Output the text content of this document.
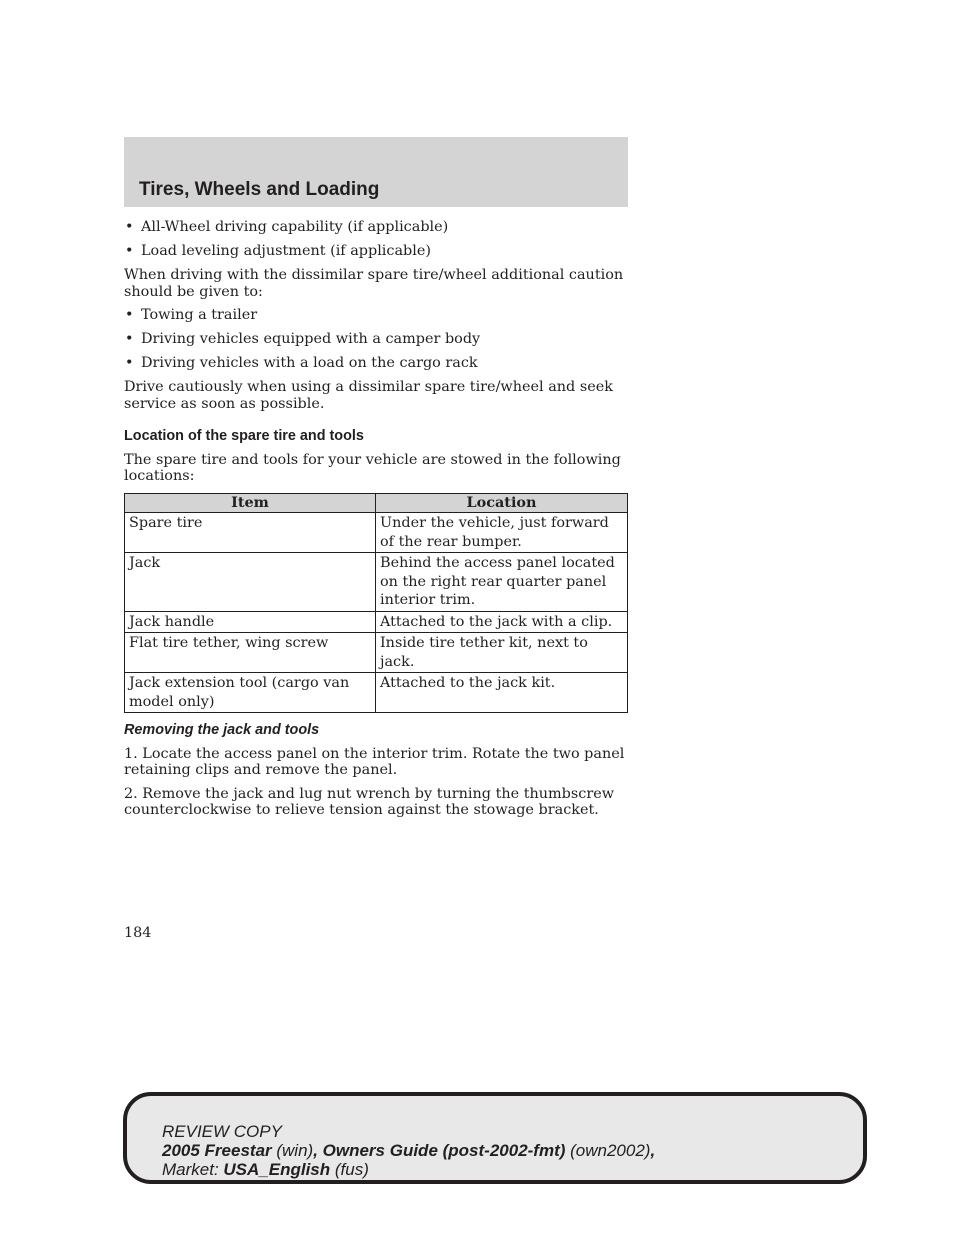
Tires, Wheels and Loading
• All-Wheel driving capability (if applicable)
• Load leveling adjustment (if applicable)

When driving with the dissimilar spare tire/wheel additional caution should be given to:

• Towing a trailer
• Driving vehicles equipped with a camper body
• Driving vehicles with a load on the cargo rack

Drive cautiously when using a dissimilar spare tire/wheel and seek service as soon as possible.

Location of the spare tire and tools

The spare tire and tools for your vehicle are stowed in the following locations:

Item	Location
Spare tire	Under the vehicle, just forward of the rear bumper.
Jack	Behind the access panel located on the right rear quarter panel interior trim.
Jack handle	Attached to the jack with a clip.
Flat tire tether, wing screw	Inside tire tether kit, next to jack.
Jack extension tool (cargo van model only)	Attached to the jack kit.
Removing the jack and tools

1. Locate the access panel on the interior trim. Rotate the two panel retaining clips and remove the panel.

2. Remove the jack and lug nut wrench by turning the thumbscrew counterclockwise to relieve tension against the stowage bracket.

184
REVIEW COPY
2005 Freestar (win), Owners Guide (post-2002-fmt) (own2002),
Market: USA_English (fus)
